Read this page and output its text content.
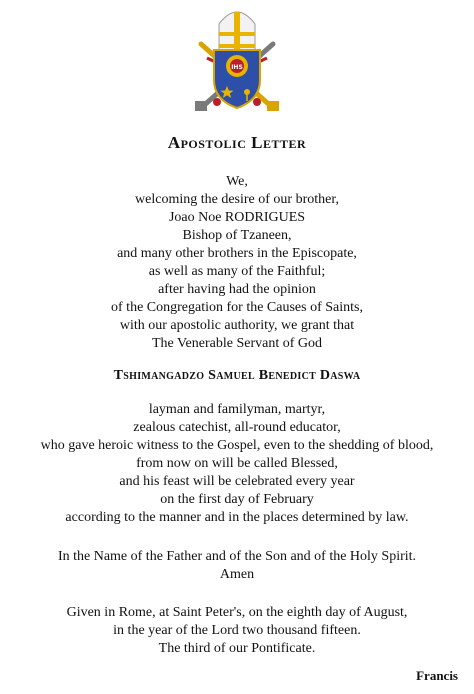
IHS
Apostolic Letter
We,
welcoming the desire of our brother,
Joao Noe RODRIGUES
Bishop of Tzaneen,
and many other brothers in the Episcopate,
as well as many of the Faithful;
after having had the opinion
of the Congregation for the Causes of Saints,
with our apostolic authority, we grant that
The Venerable Servant of God
Tshimangadzo Samuel Benedict Daswa
layman and familyman, martyr,
zealous catechist, all-round educator,
who gave heroic witness to the Gospel, even to the shedding of blood,
from now on will be called Blessed,
and his feast will be celebrated every year
on the first day of February
according to the manner and in the places determined by law.
In the Name of the Father and of the Son and of the Holy Spirit.
Amen
Given in Rome, at Saint Peter's, on the eighth day of August,
in the year of the Lord two thousand fifteen.
The third of our Pontificate.
Francis
